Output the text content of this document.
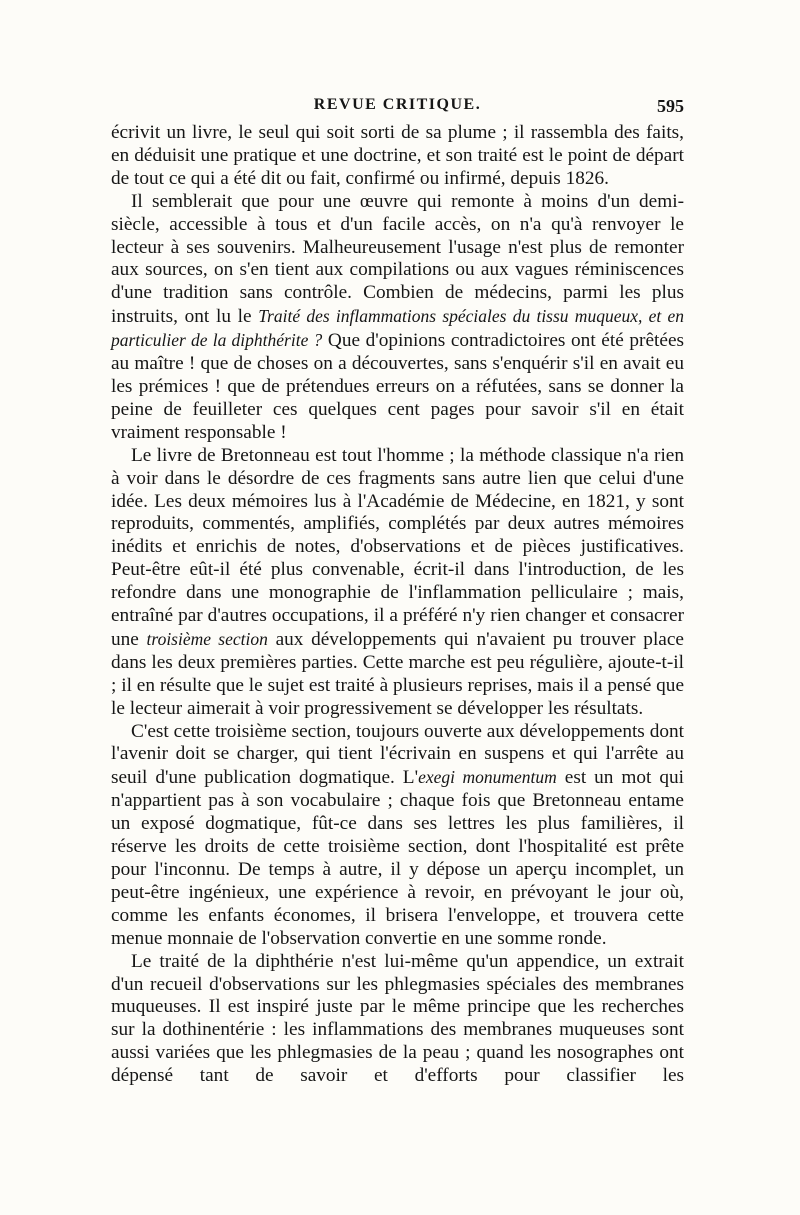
REVUE CRITIQUE.	595

écrivit un livre, le seul qui soit sorti de sa plume ; il rassembla des faits, en déduisit une pratique et une doctrine, et son traité est le point de départ de tout ce qui a été dit ou fait, confirmé ou infirmé, depuis 1826.

Il semblerait que pour une œuvre qui remonte à moins d'un demi-siècle, accessible à tous et d'un facile accès, on n'a qu'à renvoyer le lecteur à ses souvenirs. Malheureusement l'usage n'est plus de remonter aux sources, on s'en tient aux compilations ou aux vagues réminiscences d'une tradition sans contrôle. Combien de médecins, parmi les plus instruits, ont lu le Traité des inflammations spéciales du tissu muqueux, et en particulier de la diphthérite ? Que d'opinions contradictoires ont été prêtées au maître ! que de choses on a découvertes, sans s'enquérir s'il en avait eu les prémices ! que de prétendues erreurs on a réfutées, sans se donner la peine de feuilleter ces quelques cent pages pour savoir s'il en était vraiment responsable !

Le livre de Bretonneau est tout l'homme ; la méthode classique n'a rien à voir dans le désordre de ces fragments sans autre lien que celui d'une idée. Les deux mémoires lus à l'Académie de Médecine, en 1821, y sont reproduits, commentés, amplifiés, complétés par deux autres mémoires inédits et enrichis de notes, d'observations et de pièces justificatives. Peut-être eût-il été plus convenable, écrit-il dans l'introduction, de les refondre dans une monographie de l'inflammation pelliculaire ; mais, entraîné par d'autres occupations, il a préféré n'y rien changer et consacrer une troisième section aux développements qui n'avaient pu trouver place dans les deux premières parties. Cette marche est peu régulière, ajoute-t-il ; il en résulte que le sujet est traité à plusieurs reprises, mais il a pensé que le lecteur aimerait à voir progressivement se développer les résultats.

C'est cette troisième section, toujours ouverte aux développements dont l'avenir doit se charger, qui tient l'écrivain en suspens et qui l'arrête au seuil d'une publication dogmatique. L'exegi monumentum est un mot qui n'appartient pas à son vocabulaire ; chaque fois que Bretonneau entame un exposé dogmatique, fût-ce dans ses lettres les plus familières, il réserve les droits de cette troisième section, dont l'hospitalité est prête pour l'inconnu. De temps à autre, il y dépose un aperçu incomplet, un peut-être ingénieux, une expérience à revoir, en prévoyant le jour où, comme les enfants économes, il brisera l'enveloppe, et trouvera cette menue monnaie de l'observation convertie en une somme ronde.

Le traité de la diphthérie n'est lui-même qu'un appendice, un extrait d'un recueil d'observations sur les phlegmasies spéciales des membranes muqueuses. Il est inspiré juste par le même principe que les recherches sur la dothinentérie : les inflammations des membranes muqueuses sont aussi variées que les phlegmasies de la peau ; quand les nosographes ont dépensé tant de savoir et d'efforts pour classifier les
